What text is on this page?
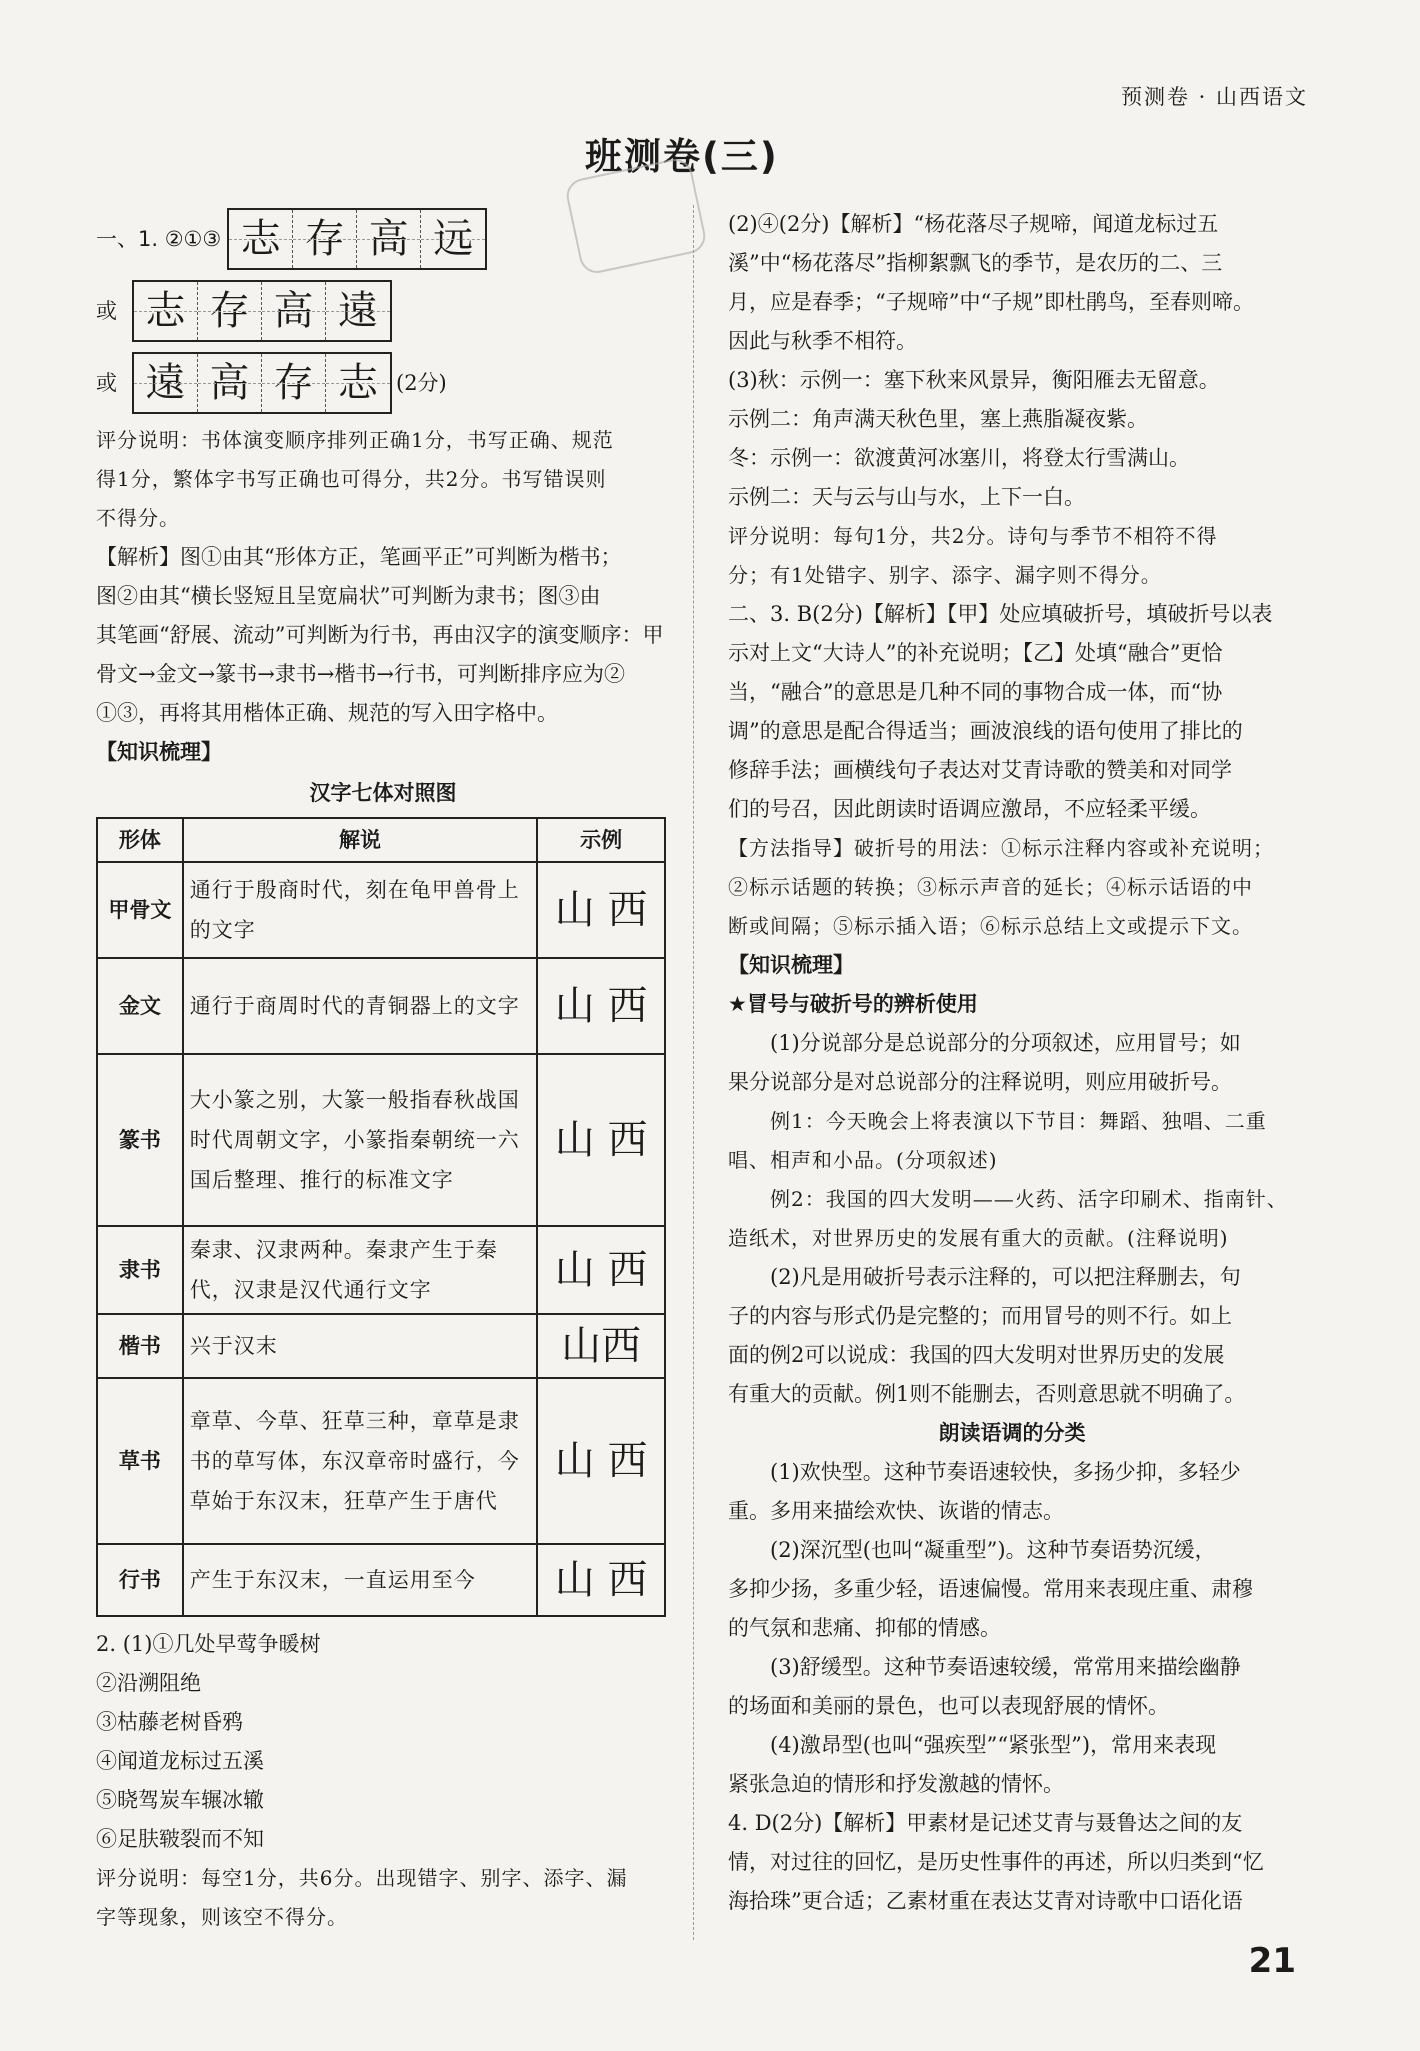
预测卷 · 山西语文
班测卷(三)
一、1. ②①③ 志 存 高 远
或 志 存 高 遠
或 遠 高 存 志 (2分)
评分说明：书体演变顺序排列正确1分，书写正确、规范
得1分，繁体字书写正确也可得分，共2分。书写错误则
不得分。
【解析】图①由其“形体方正，笔画平正”可判断为楷书；
图②由其“横长竖短且呈宽扁状”可判断为隶书；图③由
其笔画“舒展、流动”可判断为行书，再由汉字的演变顺序：甲
骨文→金文→篆书→隶书→楷书→行书，可判断排序应为②
①③，再将其用楷体正确、规范的写入田字格中。
【知识梳理】
汉字七体对照图
形体	解说	示例
甲骨文	通行于殷商时代，刻在龟甲兽骨上的文字	山 西
金文	通行于商周时代的青铜器上的文字	山 西
篆书	大小篆之别，大篆一般指春秋战国时代周朝文字，小篆指秦朝统一六国后整理、推行的标准文字	山 西
隶书	秦隶、汉隶两种。秦隶产生于秦代，汉隶是汉代通行文字	山 西
楷书	兴于汉末	山西
草书	章草、今草、狂草三种，章草是隶书的草写体，东汉章帝时盛行，今草始于东汉末，狂草产生于唐代	山 西
行书	产生于东汉末，一直运用至今	山 西
2. (1)①几处早莺争暖树
②沿溯阻绝
③枯藤老树昏鸦
④闻道龙标过五溪
⑤晓驾炭车辗冰辙
⑥足肤皲裂而不知
评分说明：每空1分，共6分。出现错字、别字、添字、漏
字等现象，则该空不得分。
(2)④(2分)【解析】“杨花落尽子规啼，闻道龙标过五
溪”中“杨花落尽”指柳絮飘飞的季节，是农历的二、三
月，应是春季；“子规啼”中“子规”即杜鹃鸟，至春则啼。
因此与秋季不相符。
(3)秋：示例一：塞下秋来风景异，衡阳雁去无留意。
示例二：角声满天秋色里，塞上燕脂凝夜紫。
冬：示例一：欲渡黄河冰塞川，将登太行雪满山。
示例二：天与云与山与水，上下一白。
评分说明：每句1分，共2分。诗句与季节不相符不得
分；有1处错字、别字、添字、漏字则不得分。
二、3. B(2分)【解析】【甲】处应填破折号，填破折号以表
示对上文“大诗人”的补充说明；【乙】处填“融合”更恰
当，“融合”的意思是几种不同的事物合成一体，而“协
调”的意思是配合得适当；画波浪线的语句使用了排比的
修辞手法；画横线句子表达对艾青诗歌的赞美和对同学
们的号召，因此朗读时语调应激昂，不应轻柔平缓。
【方法指导】破折号的用法：①标示注释内容或补充说明；
②标示话题的转换；③标示声音的延长；④标示话语的中
断或间隔；⑤标示插入语；⑥标示总结上文或提示下文。
【知识梳理】
★冒号与破折号的辨析使用
(1)分说部分是总说部分的分项叙述，应用冒号；如
果分说部分是对总说部分的注释说明，则应用破折号。
例1：今天晚会上将表演以下节目：舞蹈、独唱、二重
唱、相声和小品。(分项叙述)
例2：我国的四大发明——火药、活字印刷术、指南针、
造纸术，对世界历史的发展有重大的贡献。(注释说明)
(2)凡是用破折号表示注释的，可以把注释删去，句
子的内容与形式仍是完整的；而用冒号的则不行。如上
面的例2可以说成：我国的四大发明对世界历史的发展
有重大的贡献。例1则不能删去，否则意思就不明确了。
朗读语调的分类
(1)欢快型。这种节奏语速较快，多扬少抑，多轻少
重。多用来描绘欢快、诙谐的情志。
(2)深沉型(也叫“凝重型”)。这种节奏语势沉缓，
多抑少扬，多重少轻，语速偏慢。常用来表现庄重、肃穆
的气氛和悲痛、抑郁的情感。
(3)舒缓型。这种节奏语速较缓，常常用来描绘幽静
的场面和美丽的景色，也可以表现舒展的情怀。
(4)激昂型(也叫“强疾型”“紧张型”)，常用来表现
紧张急迫的情形和抒发激越的情怀。
4. D(2分)【解析】甲素材是记述艾青与聂鲁达之间的友
情，对过往的回忆，是历史性事件的再述，所以归类到“忆
海拾珠”更合适；乙素材重在表达艾青对诗歌中口语化语
21
